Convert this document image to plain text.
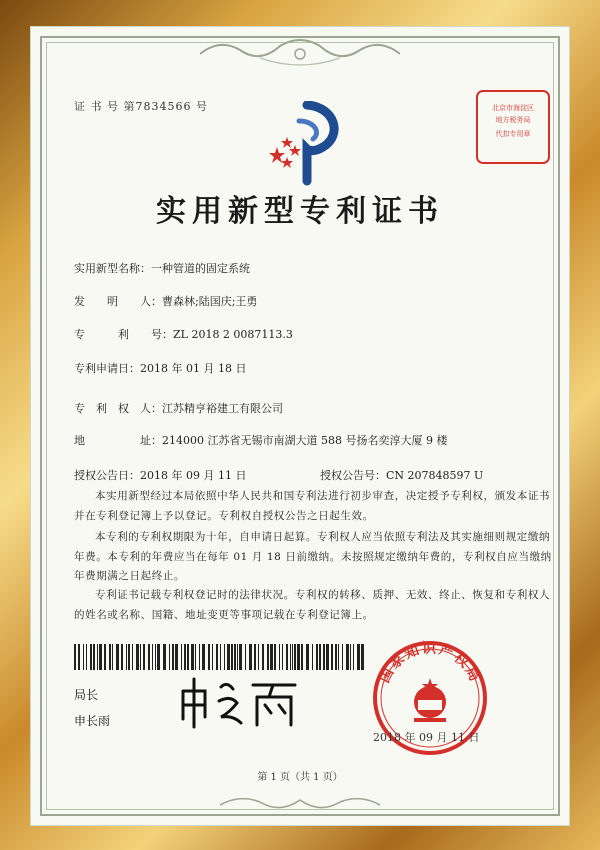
证 书 号 第7834566 号	北京市海淀区
地方税务局
代扣专用章
实用新型专利证书
实用新型名称：一种管道的固定系统
发　　明　　人：曹森林;陆国庆;王勇
专　　　利　　号：ZL 2018 2 0087113.3
专利申请日：2018 年 01 月 18 日
专　利　权　人：江苏精亨裕建工有限公司
地　　　　　址：214000 江苏省无锡市南湖大道 588 号扬名奕淳大厦 9 楼
授权公告日：2018 年 09 月 11 日	授权公告号：CN 207848597 U
本实用新型经过本局依照中华人民共和国专利法进行初步审查，决定授予专利权，颁发本证书并在专利登记簿上予以登记。专利权自授权公告之日起生效。
本专利的专利权期限为十年，自申请日起算。专利权人应当依照专利法及其实施细则规定缴纳年费。本专利的年费应当在每年 01 月 18 日前缴纳。未按照规定缴纳年费的，专利权自应当缴纳年费期满之日起终止。
专利证书记载专利权登记时的法律状况。专利权的转移、质押、无效、终止、恢复和专利权人的姓名或名称、国籍、地址变更等事项记载在专利登记簿上。
局长
申长雨
国家知识产权局
2018 年 09 月 11 日
第 1 页（共 1 页）
